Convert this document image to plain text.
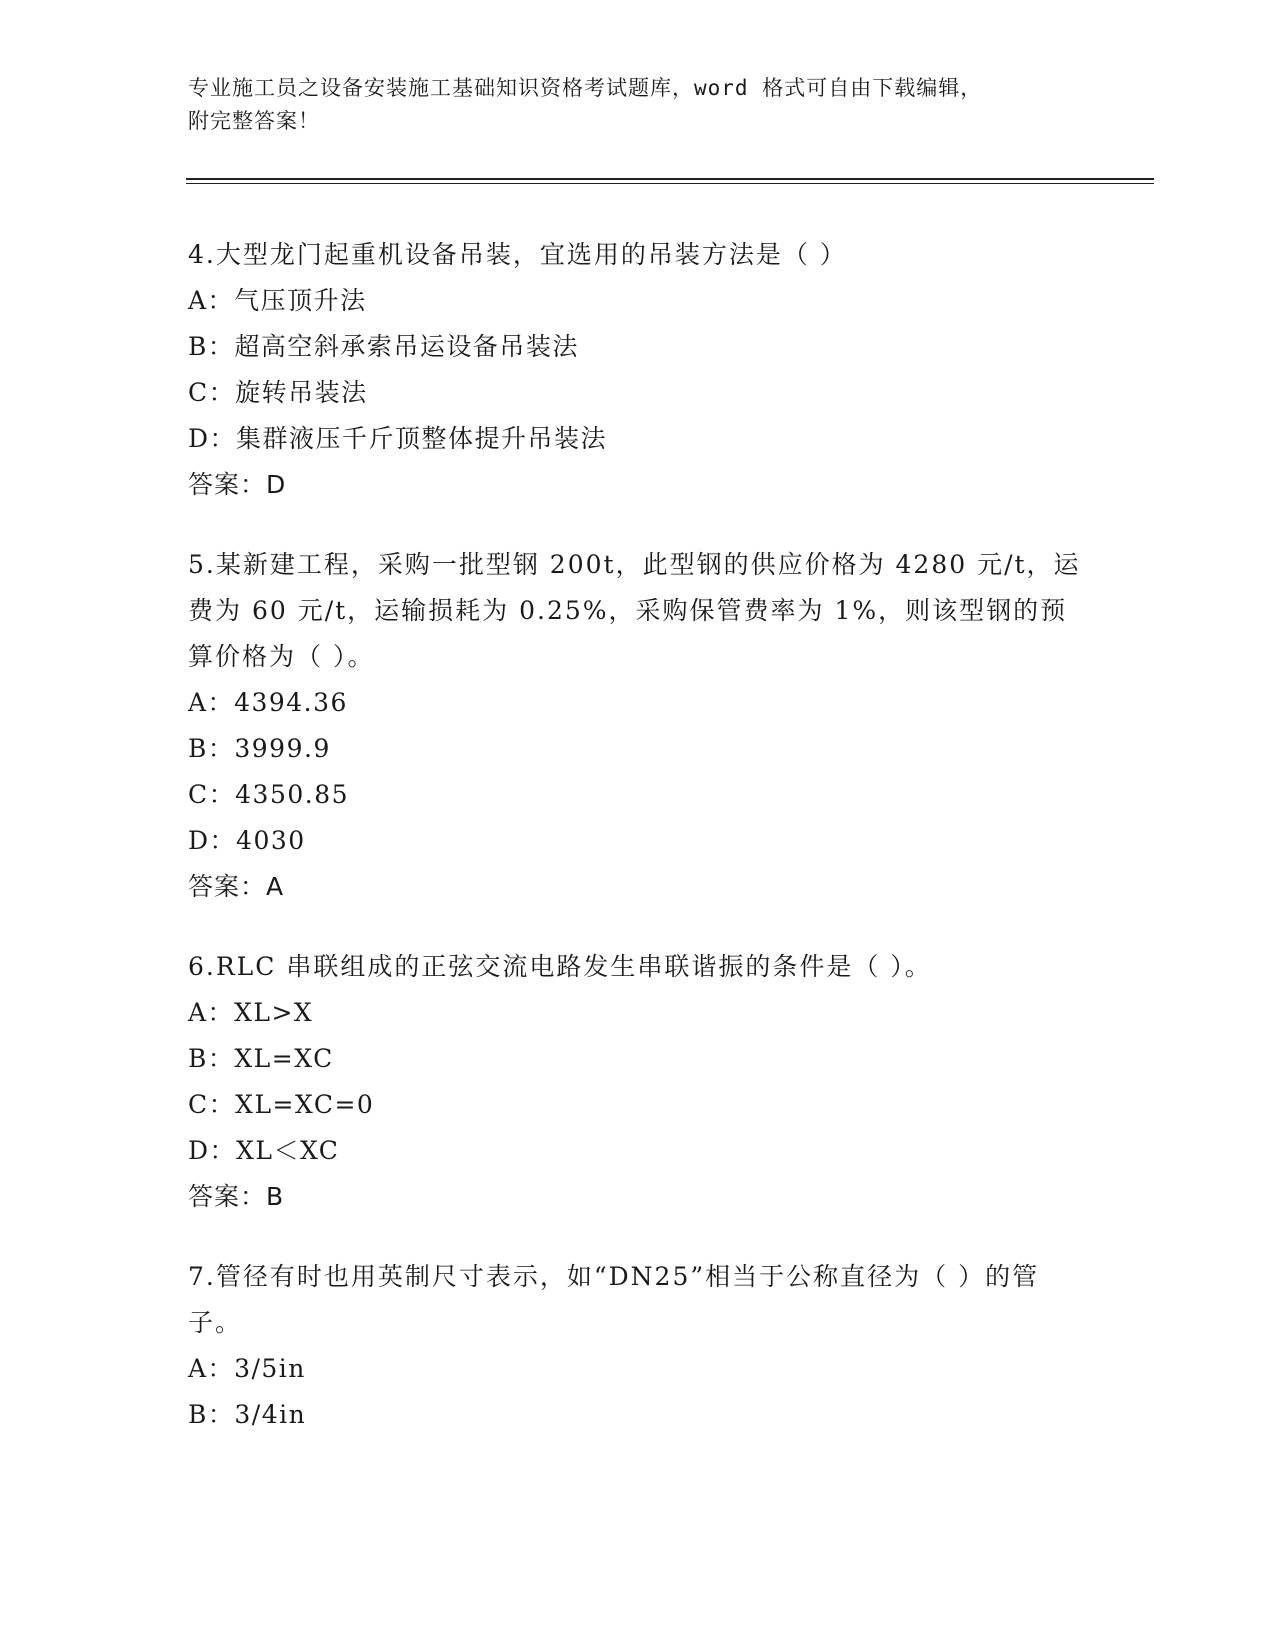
专业施工员之设备安装施工基础知识资格考试题库，word 格式可自由下载编辑，
附完整答案！

4.大型龙门起重机设备吊装，宜选用的吊装方法是（ ）

A：气压顶升法

B：超高空斜承索吊运设备吊装法

C：旋转吊装法

D：集群液压千斤顶整体提升吊装法

答案：D

5.某新建工程，采购一批型钢 200t，此型钢的供应价格为 4280 元/t，运费为 60 元/t，运输损耗为 0.25%，采购保管费率为 1%，则该型钢的预算价格为（ ）。

A：4394.36

B：3999.9

C：4350.85

D：4030

答案：A

6.RLC 串联组成的正弦交流电路发生串联谐振的条件是（ ）。

A：XL>X

B：XL=XC

C：XL=XC=0

D：XL＜XC

答案：B

7.管径有时也用英制尺寸表示，如“DN25”相当于公称直径为（ ）的管子。

A：3/5in

B：3/4in
